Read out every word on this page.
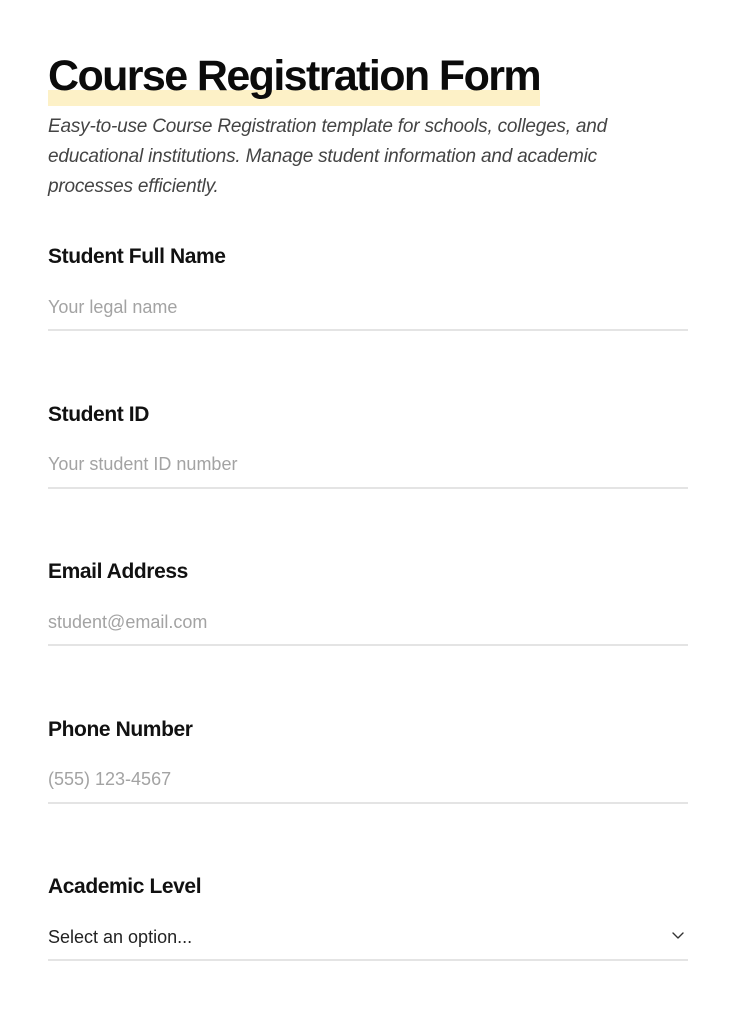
Course Registration Form

Easy-to-use Course Registration template for schools, colleges, and educational institutions. Manage student information and academic processes efficiently.

Student Full Name
Your legal name
Student ID
Your student ID number
Email Address
student@email.com
Phone Number
(555) 123-4567
Academic Level
Select an option...
